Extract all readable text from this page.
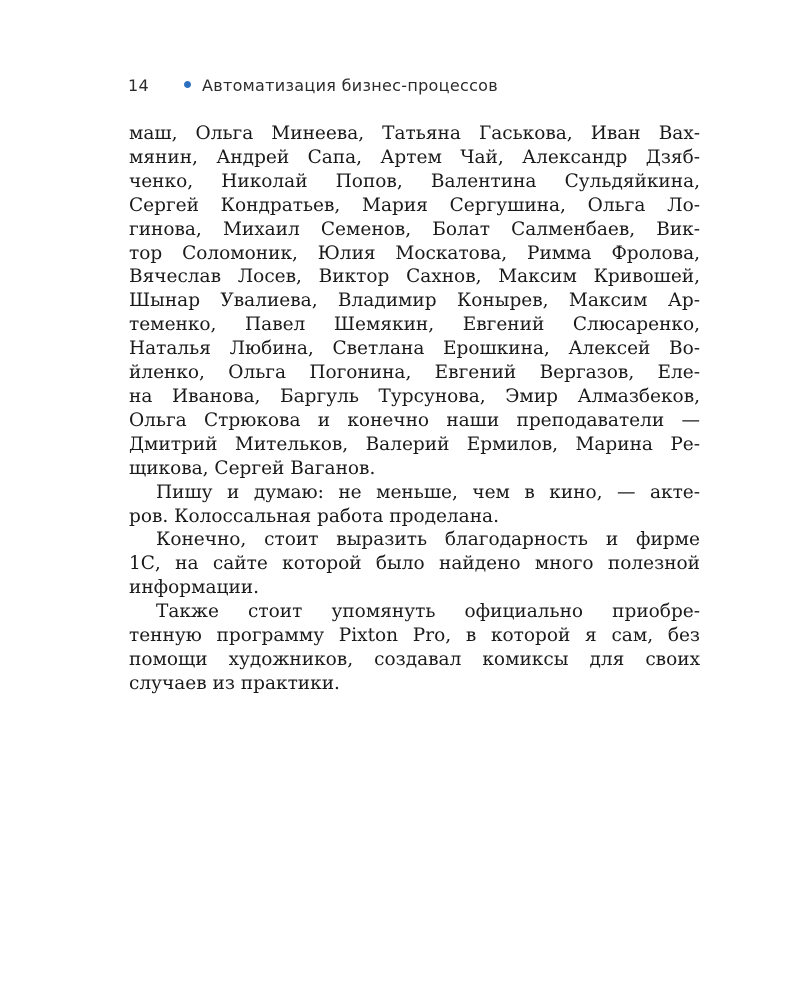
14	Автоматизация бизнес-процессов

маш, Ольга Минеева, Татьяна Гаськова, Иван Вах-
мянин, Андрей Сапа, Артем Чай, Александр Дзяб-
ченко, Николай Попов, Валентина Сульдяйкина,
Сергей Кондратьев, Мария Сергушина, Ольга Ло-
гинова, Михаил Семенов, Болат Салменбаев, Вик-
тор Соломоник, Юлия Москатова, Римма Фролова,
Вячеслав Лосев, Виктор Сахнов, Максим Кривошей,
Шынар Увалиева, Владимир Конырев, Максим Ар-
теменко, Павел Шемякин, Евгений Слюсаренко,
Наталья Любина, Светлана Ерошкина, Алексей Во-
йленко, Ольга Погонина, Евгений Вергазов, Еле-
на Иванова, Баргуль Турсунова, Эмир Алмазбеков,
Ольга Стрюкова и конечно наши преподаватели —
Дмитрий Мительков, Валерий Ермилов, Марина Ре-
щикова, Сергей Ваганов.

Пишу и думаю: не меньше, чем в кино, — акте-
ров. Колоссальная работа проделана.

Конечно, стоит выразить благодарность и фирме
1С, на сайте которой было найдено много полезной
информации.

Также стоит упомянуть официально приобре-
тенную программу Pixton Pro, в которой я сам, без
помощи художников, создавал комиксы для своих
случаев из практики.
